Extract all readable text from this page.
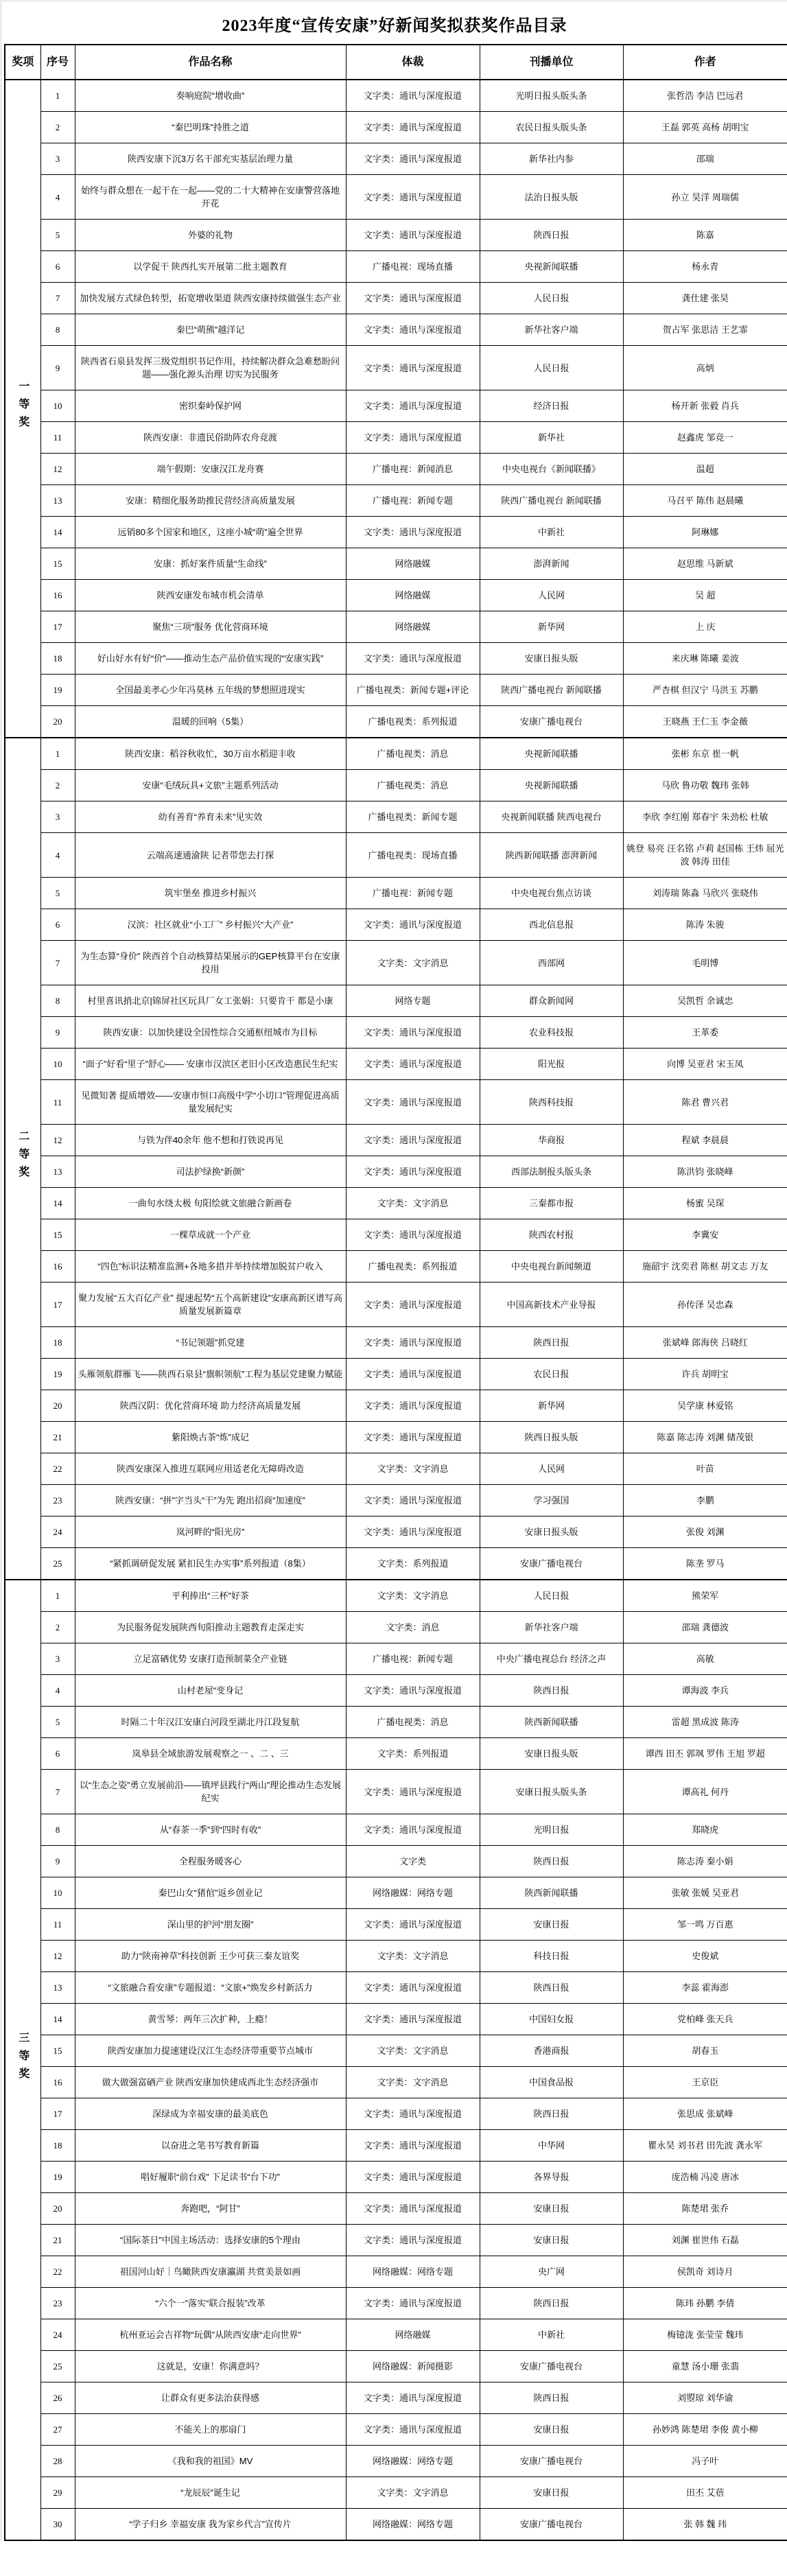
2023年度“宣传安康”好新闻奖拟获奖作品目录
奖项	序号	作品名称	体裁	刊播单位	作者
一等奖	1	奏响庭院“增收曲”	文字类：通讯与深度报道	光明日报头版头条	张哲浩 李洁 巴远君
	2	“秦巴明珠”持胜之道	文字类：通讯与深度报道	农民日报头版头条	王磊 郭英 高杨 胡明宝
	3	陕西安康下沉3万名干部充实基层治理力量	文字类：通讯与深度报道	新华社内参	邵瑞
	4	始终与群众想在一起干在一起——党的二十大精神在安康警营落地开花	文字类：通讯与深度报道	法治日报头版	孙立 昊洋 周瑞儒
	5	外婆的礼物	文字类：通讯与深度报道	陕西日报	陈嘉
	6	以学促干 陕西扎实开展第二批主题教育	广播电视：现场直播	央视新闻联播	杨永青
	7	加快发展方式绿色转型，拓宽增收渠道 陕西安康持续做强生态产业	文字类：通讯与深度报道	人民日报	龚仕建 张昊
	8	秦巴“萌熊”越洋记	文字类：通讯与深度报道	新华社客户端	贺占军 张思洁 王艺霏
	9	陕西省石泉县发挥三级党组织书记作用，持续解决群众急难愁盼问题——强化源头治理 切实为民服务	文字类：通讯与深度报道	人民日报	高炳
	10	密织秦岭保护网	文字类：通讯与深度报道	经济日报	杨开新 张毅 肖兵
	11	陕西安康：非遗民俗助阵农舟竞渡	文字类：通讯与深度报道	新华社	赵鑫虎 邹竞一
	12	端午假期：安康汉江龙舟赛	广播电视：新闻消息	中央电视台《新闻联播》	温超
	13	安康：精细化服务助推民营经济高质量发展	广播电视：新闻专题	陕西广播电视台 新闻联播	马召平 陈伟 赵晨曦
	14	远销80多个国家和地区，这座小城“萌”遍全世界	文字类：通讯与深度报道	中新社	阿琳娜
	15	安康：抓好案件质量“生命线”	网络融媒	澎湃新闻	赵思维 马新斌
	16	陕西安康发布城市机会清单	网络融媒	人民网	吴 超
	17	聚焦“三项”服务 优化营商环境	网络融媒	新华网	上 庆
	18	好山好水有好“价”——推动生态产品价值实现的“安康实践”	文字类：通讯与深度报道	安康日报头版	来庆琳 陈曦 姜波
	19	全国最美孝心少年冯莫林 五年级的梦想照进现实	广播电视类：新闻专题+评论	陕西广播电视台 新闻联播	严杏棋 但汉宁 马洪玉 苏鹏
	20	温暖的回响（5集）	广播电视类：系列报道	安康广播电视台	王晓燕 王仁玉 李金薇
二等奖	1	陕西安康：稻谷秋收忙，30万亩水稻迎丰收	广播电视类：消息	央视新闻联播	张彬 东京 崔一帆
	2	安康“毛绒玩具+文旅”主题系列活动	广播电视类：消息	央视新闻联播	马欣 鲁功敬 魏玮 张韩
	3	幼有善育“养育未来”见实效	广播电视类：新闻专题	央视新闻联播 陕西电视台	李欣 李红刚 郑春宇 朱劲松 杜敏
	4	云端高速通渝陕 记者带您去打探	广播电视类：现场直播	陕西新闻联播 澎湃新闻	姚登 易亮 汪名铭 卢莉 赵国栋 王炜 屈光波 韩涛 田佳
	5	筑牢堡垒 推进乡村振兴	广播电视：新闻专题	中央电视台焦点访谈	刘涛瑞 陈淼 马欣兴 张晓伟
	6	汉滨：社区就业“小工厂” 乡村振兴“大产业”	文字类：通讯与深度报道	西北信息报	陈涛 朱骏
	7	为生态算“身价” 陕西首个自动核算结果展示的GEP核算平台在安康投用	文字类：文字消息	西部网	毛明博
	8	村里喜讯捎北京|锦屏社区玩具厂女工张娟：只要肯干 都是小康	网络专题	群众新闻网	吴凯哲 余诚忠
	9	陕西安康：以加快建设全国性综合交通枢纽城市为目标	文字类：通讯与深度报道	农业科技报	王革委
	10	“面子”好看“里子”舒心—— 安康市汉滨区老旧小区改造惠民生纪实	文字类：通讯与深度报道	阳光报	向博 吴亚君 宋玉凤
	11	见微知著 提质增效——安康市恒口高级中学“小切口”管理促进高质量发展纪实	文字类：通讯与深度报道	陕西科技报	陈君 曹兴君
	12	与铁为伴40余年 他不想和打铁说再见	文字类：通讯与深度报道	华商报	程斌 李晨晨
	13	司法护绿换“新颜”	文字类：通讯与深度报道	西部法制报头版头条	陈洪钧 张晓峰
	14	一曲旬水绕太极 旬阳绘就文旅融合新画卷	文字类：文字消息	三秦都市报	杨蜜 吴琛
	15	一棵草成就一个产业	文字类：通讯与深度报道	陕西农村报	李冀安
	16	“四色”标识法精准监测+各地多措并举持续增加脱贫户收入	广播电视类：系列报道	中央电视台新闻频道	施韶宇 沈奕君 陈枢 胡文志 万友
	17	聚力发展“五大百亿产业” 提速起势“五个高新建设”安康高新区谱写高质量发展新篇章	文字类：通讯与深度报道	中国高新技术产业导报	孙传泽 吴忠森
	18	“书记领题”抓党建	文字类：通讯与深度报道	陕西日报	张斌峰 郎海侠 吕晓红
	19	头雁领航群雁飞——陕西石泉县“旗帜领航”工程为基层党建聚力赋能	文字类：通讯与深度报道	农民日报	许兵 胡明宝
	20	陕西汉阴：优化营商环境 助力经济高质量发展	文字类：通讯与深度报道	新华网	吴学康 林爱铭
	21	紫阳焕古茶“炼”成记	文字类：通讯与深度报道	陕西日报头版	陈嘉 陈志涛 刘渊 储茂银
	22	陕西安康深入推进互联网应用适老化无障碍改造	文字类：文字消息	人民网	叶苗
	23	陕西安康：“拼”字当头“干”为先 跑出招商“加速度”	文字类：通讯与深度报道	学习强国	李鹏
	24	岚河畔的“阳光房”	文字类：通讯与深度报道	安康日报头版	张俊 刘渊
	25	“紧抓调研促发展 紧扣民生办实事”系列报道（8集）	文字类：系列报道	安康广播电视台	陈垄 罗马
三等奖	1	平利捧出“三杯”好茶	文字类：文字消息	人民日报	熊荣军
	2	为民服务促发展陕西旬阳推动主题教育走深走实	文字类：消息	新华社客户端	邵瑞 龚德波
	3	立足富硒优势 安康打造预制菜全产业链	广播电视：新闻专题	中央广播电视总台 经济之声	高敏
	4	山村老屋“变身记	文字类：通讯与深度报道	陕西日报	谭海波 李兵
	5	时隔二十年汉江安康白河段至湖北丹江段复航	广播电视类：消息	陕西新闻联播	雷超 黑成波 陈涛
	6	岚皋县全域旅游发展观察之一 、二 、三	文字类：系列报道	安康日报头版	谭西 田丕 郭飒 罗伟 王旭 罗超
	7	以“生态之姿”勇立发展前沿——镇坪县践行“两山”理论推动生态发展纪实	文字类：通讯与深度报道	安康日报头版头条	谭高礼 何丹
	8	从“春茶一季”到“四时有收”	文字类：通讯与深度报道	光明日报	郑晓虎
	9	全程服务暖客心	文字类	陕西日报	陈志涛 秦小娟
	10	秦巴山女“猪倌”返乡创业记	网络融媒：网络专题	陕西新闻联播	张敏 张媛 吴亚君
	11	深山里的护河“朋友圈”	文字类：通讯与深度报道	安康日报	邹一鸣 万百惠
	12	助力“陕南神草”科技创新 王少可获三秦友谊奖	文字类：文字消息	科技日报	史俊斌
	13	“文旅融合看安康”专题报道：“文旅+”焕发乡村新活力	文字类：通讯与深度报道	陕西日报	李蕊 霍海澎
	14	黄雪琴：两年三次扩种，上瘾！	文字类：通讯与深度报道	中国妇女报	党柏峰 张天兵
	15	陕西安康加力提速建设汉江生态经济带重要节点城市	文字类：文字消息	香港商报	胡春玉
	16	做大做强富硒产业 陕西安康加快建成西北生态经济强市	文字类：文字消息	中国食品报	王京臣
	17	深绿成为幸福安康的最美底色	文字类：通讯与深度报道	陕西日报	张思成 张斌峰
	18	以奋进之笔书写教育新篇	文字类：通讯与深度报道	中华网	瞿永昊 刘书君 田先波 龚永军
	19	唱好履职“前台戏” 下足读书“台下功”	文字类：通讯与深度报道	各界导报	庞浩楠 冯凌 唐冰
	20	奔跑吧，“阿甘”	文字类：通讯与深度报道	安康日报	陈楚珺 张乔
	21	“国际茶日”中国主场活动：选择安康的5个理由	文字类：通讯与深度报道	安康日报	刘渊 崔世伟 石磊
	22	祖国河山好｜鸟瞰陕西安康瀛湖 共赏美景如画	网络融媒：网络专题	央广网	侯凯奇 刘诗月
	23	“六个一”落实“联合报装”改革	文字类：通讯与深度报道	陕西日报	陈玮 孙鹏 李倩
	24	杭州亚运会吉祥物“玩偶”从陕西安康“走向世界”	网络融媒	中新社	梅镱泷 张莹莹 魏玮
	25	这就是，安康！你满意吗？	网络融媒：新闻摄影	安康广播电视台	童慧 汤小珊 张翡
	26	让群众有更多法治获得感	文字类：通讯与深度报道	陕西日报	刘曌琼 刘华谕
	27	不能关上的那扇门	文字类：通讯与深度报道	安康日报	孙妙鸿 陈楚珺 李俊 黄小柳
	28	《我和我的祖国》MV	网络融媒：网络专题	安康广播电视台	冯子叶
	29	“龙辰辰”诞生记	文字类：文字消息	安康日报	田丕 艾蓓
	30	“学子归乡 幸福安康 我为家乡代言”宣传片	网络融媒：网络专题	安康广播电视台	张 韩 魏 玮
